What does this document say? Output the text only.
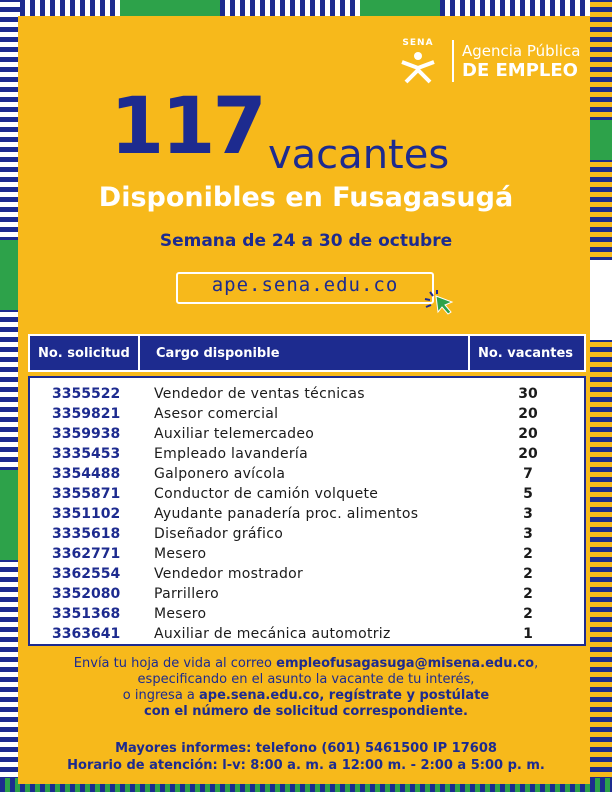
SENA	Agencia Pública
DE EMPLEO
117 vacantes
Disponibles en Fusagasugá
Semana de 24 a 30 de octubre
ape.sena.edu.co
No. solicitud	Cargo disponible	No. vacantes
3355522	Vendedor de ventas técnicas	30
3359821	Asesor comercial	20
3359938	Auxiliar telemercadeo	20
3335453	Empleado lavandería	20
3354488	Galponero avícola	7
3355871	Conductor de camión volquete	5
3351102	Ayudante panadería proc. alimentos	3
3335618	Diseñador gráfico	3
3362771	Mesero	2
3362554	Vendedor mostrador	2
3352080	Parrillero	2
3351368	Mesero	2
3363641	Auxiliar de mecánica automotriz	1
Envía tu hoja de vida al correo empleofusagasuga@misena.edu.co,
especificando en el asunto la vacante de tu interés,
o ingresa a ape.sena.edu.co, regístrate y postúlate
con el número de solicitud correspondiente.
Mayores informes: telefono (601) 5461500 IP 17608
Horario de atención: l-v: 8:00 a. m. a 12:00 m. - 2:00 a 5:00 p. m.
